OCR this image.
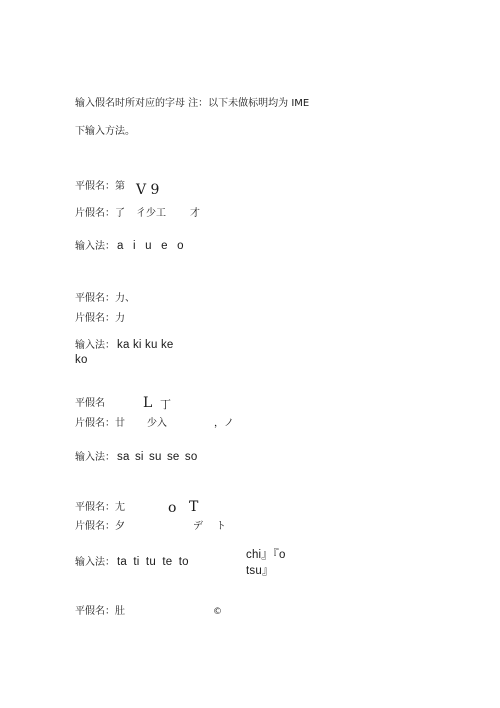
输入假名时所对应的字母 注：以下未做标明均为 IME
下输入方法。
平假名：第 V 9
片假名：了 彳少工 才
输入法： a i u e o
平假名：力、
片假名：力
输入法： ka ki ku ke
ko
平假名	L 丁
片假名：廿 少入	，ノ
输入法： sa si su se so
平假名：尢	o T
片假名：夕	デ ト
输入法： ta ti tu te to
chi』『o
tsu』
平假名：肚	©
